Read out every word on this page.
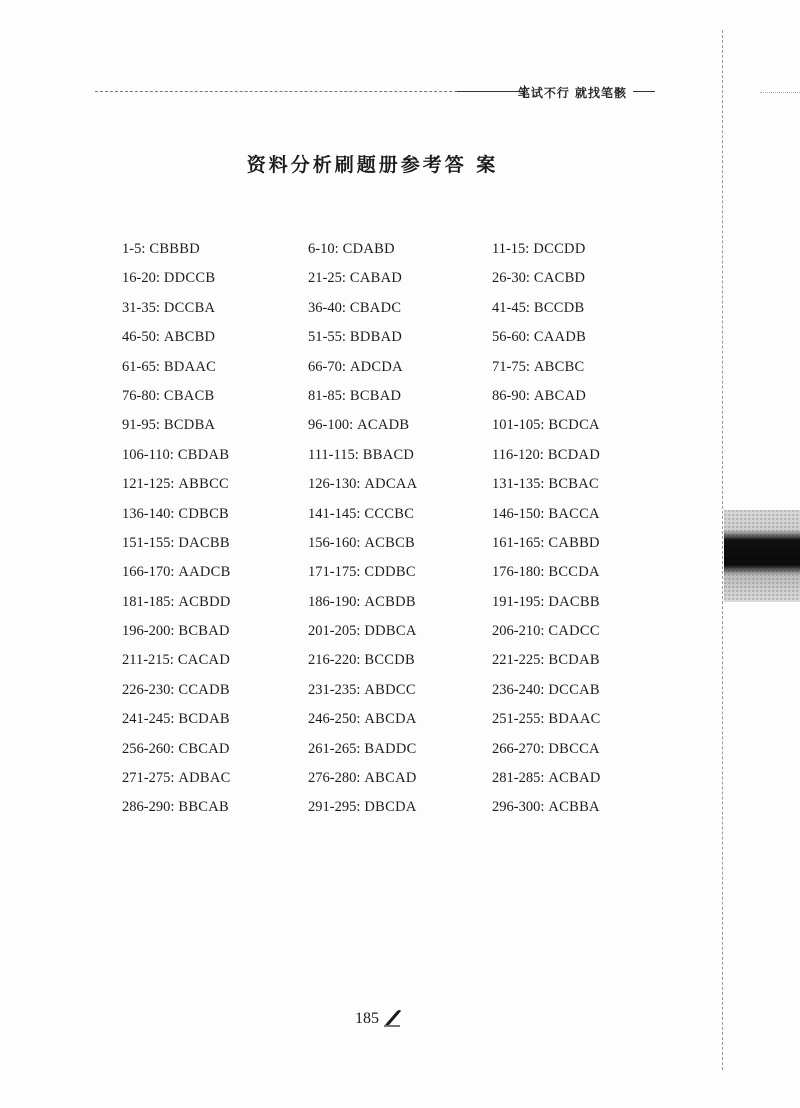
笔试不行 就找笔骸
资料分析刷题册参考答 案
1-5: CBBBD	6-10: CDABD	11-15: DCCDD
16-20: DDCCB	21-25: CABAD	26-30: CACBD
31-35: DCCBA	36-40: CBADC	41-45: BCCDB
46-50: ABCBD	51-55: BDBAD	56-60: CAADB
61-65: BDAAC	66-70: ADCDA	71-75: ABCBC
76-80: CBACB	81-85: BCBAD	86-90: ABCAD
91-95: BCDBA	96-100: ACADB	101-105: BCDCA
106-110: CBDAB	111-115: BBACD	116-120: BCDAD
121-125: ABBCC	126-130: ADCAA	131-135: BCBAC
136-140: CDBCB	141-145: CCCBC	146-150: BACCA
151-155: DACBB	156-160: ACBCB	161-165: CABBD
166-170: AADCB	171-175: CDDBC	176-180: BCCDA
181-185: ACBDD	186-190: ACBDB	191-195: DACBB
196-200: BCBAD	201-205: DDBCA	206-210: CADCC
211-215: CACAD	216-220: BCCDB	221-225: BCDAB
226-230: CCADB	231-235: ABDCC	236-240: DCCAB
241-245: BCDAB	246-250: ABCDA	251-255: BDAAC
256-260: CBCAD	261-265: BADDC	266-270: DBCCA
271-275: ADBAC	276-280: ABCAD	281-285: ACBAD
286-290: BBCAB	291-295: DBCDA	296-300: ACBBA
185
